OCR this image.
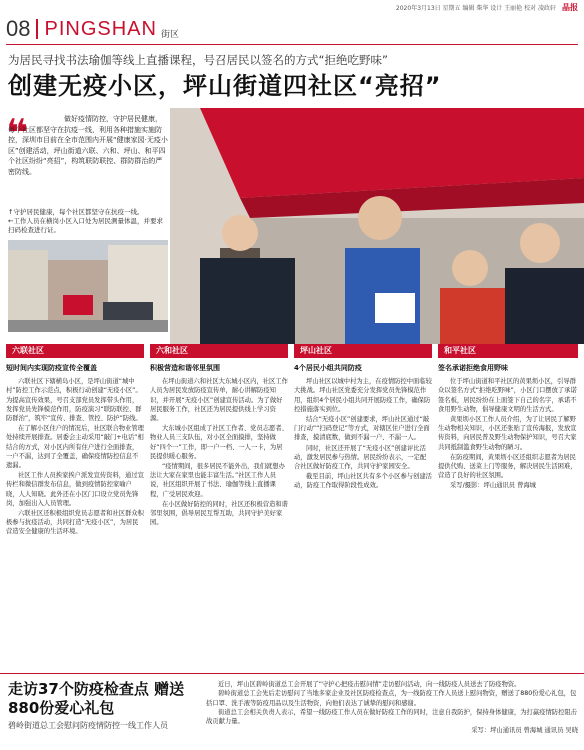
2020年3月13日 星期五 编辑 柴华 设计 王丽艳 校对 凌政轩 晶报
08 PINGSHAN 街区
为居民寻找书法瑜伽等线上直播课程，号召居民以签名的方式“拒绝吃野味”
创建无疫小区，坪山街道四社区“亮招”
❝	做好疫情防控，守护居民健康，每个社区都坚守在抗疫一线，利用各种措施实施防控，深圳市目前在全市范围内开展“健康家园·无疫小区”创建活动，坪山街道六联、六和、坪山、和平四个社区纷纷“亮招”，构筑联防联控、群防群治的严密防线。
↑守护居民健康，每个社区都坚守在抗疫一线。
←工作人员在横岗小区入口处为居民测量体温，并要求扫码检查进行证。
六联社区
短时间内实现防疫宣传全覆盖

六联社区下辖横岛小区，是坪山街道“城中村”防控工作示范点，积极行动创建“无疫小区”。为提高宣传效果，号召支部党员发挥带头作用，发挥党员先锋模范作用，防疫演习“联防联控、群防群治”，筑牢“宣传、排查、管控、防护”防线。

在了解小区住户的情况后，社区联合物业管理处持续开展排查。居委会主动采用“敲门+电话”相结合的方式，对小区内所有住户进行全面排查，一户不漏，达到了全覆盖，确保疫情防控信息不遗漏。

社区工作人员挨家挨户派发宣传资料，通过宣传栏和微信群发布信息，做到疫情防控家喻户晓，人人知晓。此外还在小区门口设立党员先锋岗，加强出入人员管理。

六联社区还积极组织党员志愿者和社区群众积极参与抗疫活动，共同打造“无疫小区”，为居民营造安全健康的生活环境。

六和社区
积极营造和谐邻里氛围

在坪山街道六和社区大东城小区内，社区工作人员为居民发放防疫宣传单，耐心讲解防疫知识，并开展“无疫小区”创建宣传活动。为了做好居民服务工作，社区还为居民提供线上学习资源。

大东城小区组成了社区工作者、党员志愿者、物业人员三支队伍，对小区全面摸排，坚持做好“四个一”工作，即一户一档、一人一卡，为居民提供暖心服务。

“疫情期间，很多居民不能外出，我们就想办法让大家在家里也能丰富生活。”社区工作人员说，社区组织开展了书法、瑜伽等线上直播课程，广受居民欢迎。

在小区做好防控的同时，社区还积极营造和谐邻里氛围，倡导居民互帮互助，共同守护美好家园。

坪山社区
4个居民小组共同防疫

坪山社区以城中村为主，在疫情防控中面临较大挑战。坪山社区党委充分发挥党员先锋模范作用，组织4个居民小组共同开展防疫工作，确保防控措施落实到位。

结合“无疫小区”创建要求，坪山社区通过“敲门行动”“扫码登记”等方式，对辖区住户进行全面排查，摸清底数，做到不漏一户、不漏一人。

同时，社区还开展了“无疫小区”创建评比活动，激发居民参与热情。居民纷纷表示，一定配合社区做好防疫工作，共同守护家园安全。

截至目前，坪山社区共有多个小区参与创建活动，防疫工作取得阶段性成效。

和平社区
签名承诺拒绝食用野味

位于坪山街道和平社区的黄果坜小区，引导群众以签名方式“拒绝吃野味”，小区门口摆放了承诺签名板，居民纷纷在上面签下自己的名字，承诺不食用野生动物，倡导健康文明的生活方式。

黄果坜小区工作人员介绍，为了让居民了解野生动物相关知识，小区还张贴了宣传海报，发放宣传资料，向居民普及野生动物保护知识，号召大家共同抵制滥食野生动物的陋习。

在防疫期间，黄果坜小区还组织志愿者为居民提供代购、送菜上门等服务，解决居民生活困难，营造了良好的社区氛围。

采写/摄影：坪山通讯员 曾海城

走访37个防疫检查点 赠送880份爱心礼包
碧岭街道总工会慰问防疫情防控一线工作人员

近日，坪山区碧岭街道总工会开展了“守护心把疫击慰问情”走访慰问活动，向一线防疫人员送去了防疫物资。

碧岭街道总工会先后走访慰问了当地多家企业及社区防疫检查点，为一线防疫工作人员送上慰问物资，赠送了880份爱心礼包，包括口罩、洗手液等防疫用品以及生活物资，向他们表达了诚挚的慰问和感谢。

街道总工会相关负责人表示，希望一线防疫工作人员在做好防疫工作的同时，注意自我防护，保持身体健康，为打赢疫情防控阻击战贡献力量。

采写：坪山通讯员 曾海城 通讯员 吴晓
